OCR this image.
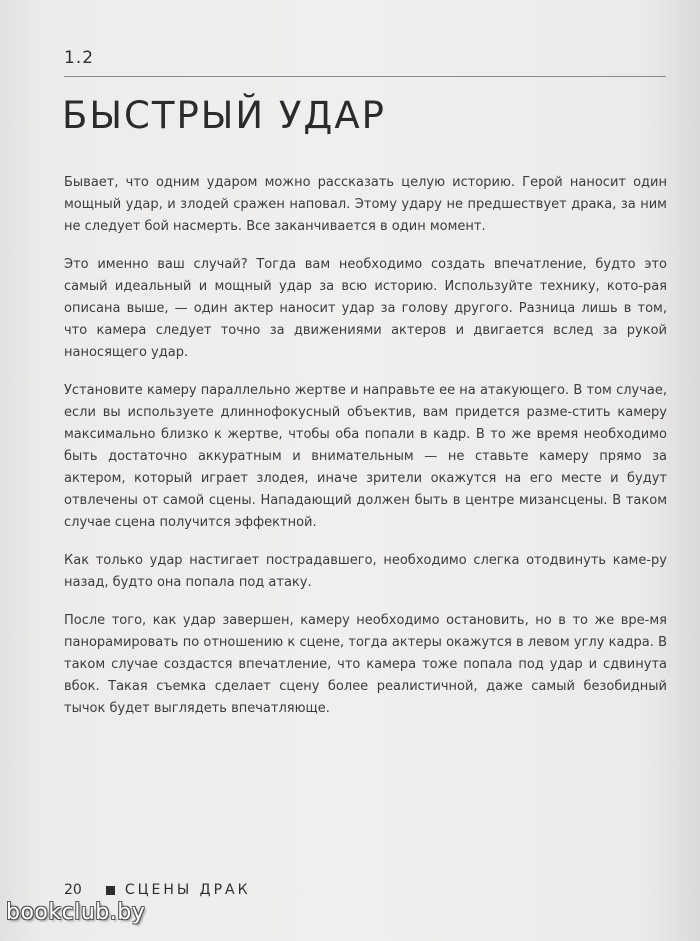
1.2
БЫСТРЫЙ УДАР

Бывает, что одним ударом можно рассказать целую историю. Герой наносит один мощный удар, и злодей сражен наповал. Этому удару не предшествует драка, за ним не следует бой насмерть. Все заканчивается в один момент.

Это именно ваш случай? Тогда вам необходимо создать впечатление, будто это самый идеальный и мощный удар за всю историю. Используйте технику, кото-рая описана выше, — один актер наносит удар за голову другого. Разница лишь в том, что камера следует точно за движениями актеров и двигается вслед за рукой наносящего удар.

Установите камеру параллельно жертве и направьте ее на атакующего. В том случае, если вы используете длиннофокусный объектив, вам придется разме-стить камеру максимально близко к жертве, чтобы оба попали в кадр. В то же время необходимо быть достаточно аккуратным и внимательным — не ставьте камеру прямо за актером, который играет злодея, иначе зрители окажутся на его месте и будут отвлечены от самой сцены. Нападающий должен быть в центре мизансцены. В таком случае сцена получится эффектной.

Как только удар настигает пострадавшего, необходимо слегка отодвинуть каме-ру назад, будто она попала под атаку.

После того, как удар завершен, камеру необходимо остановить, но в то же вре-мя панорамировать по отношению к сцене, тогда актеры окажутся в левом углу кадра. В таком случае создастся впечатление, что камера тоже попала под удар и сдвинута вбок. Такая съемка сделает сцену более реалистичной, даже самый безобидный тычок будет выглядеть впечатляюще.

20	СЦЕНЫ ДРАК
bookclub.by
